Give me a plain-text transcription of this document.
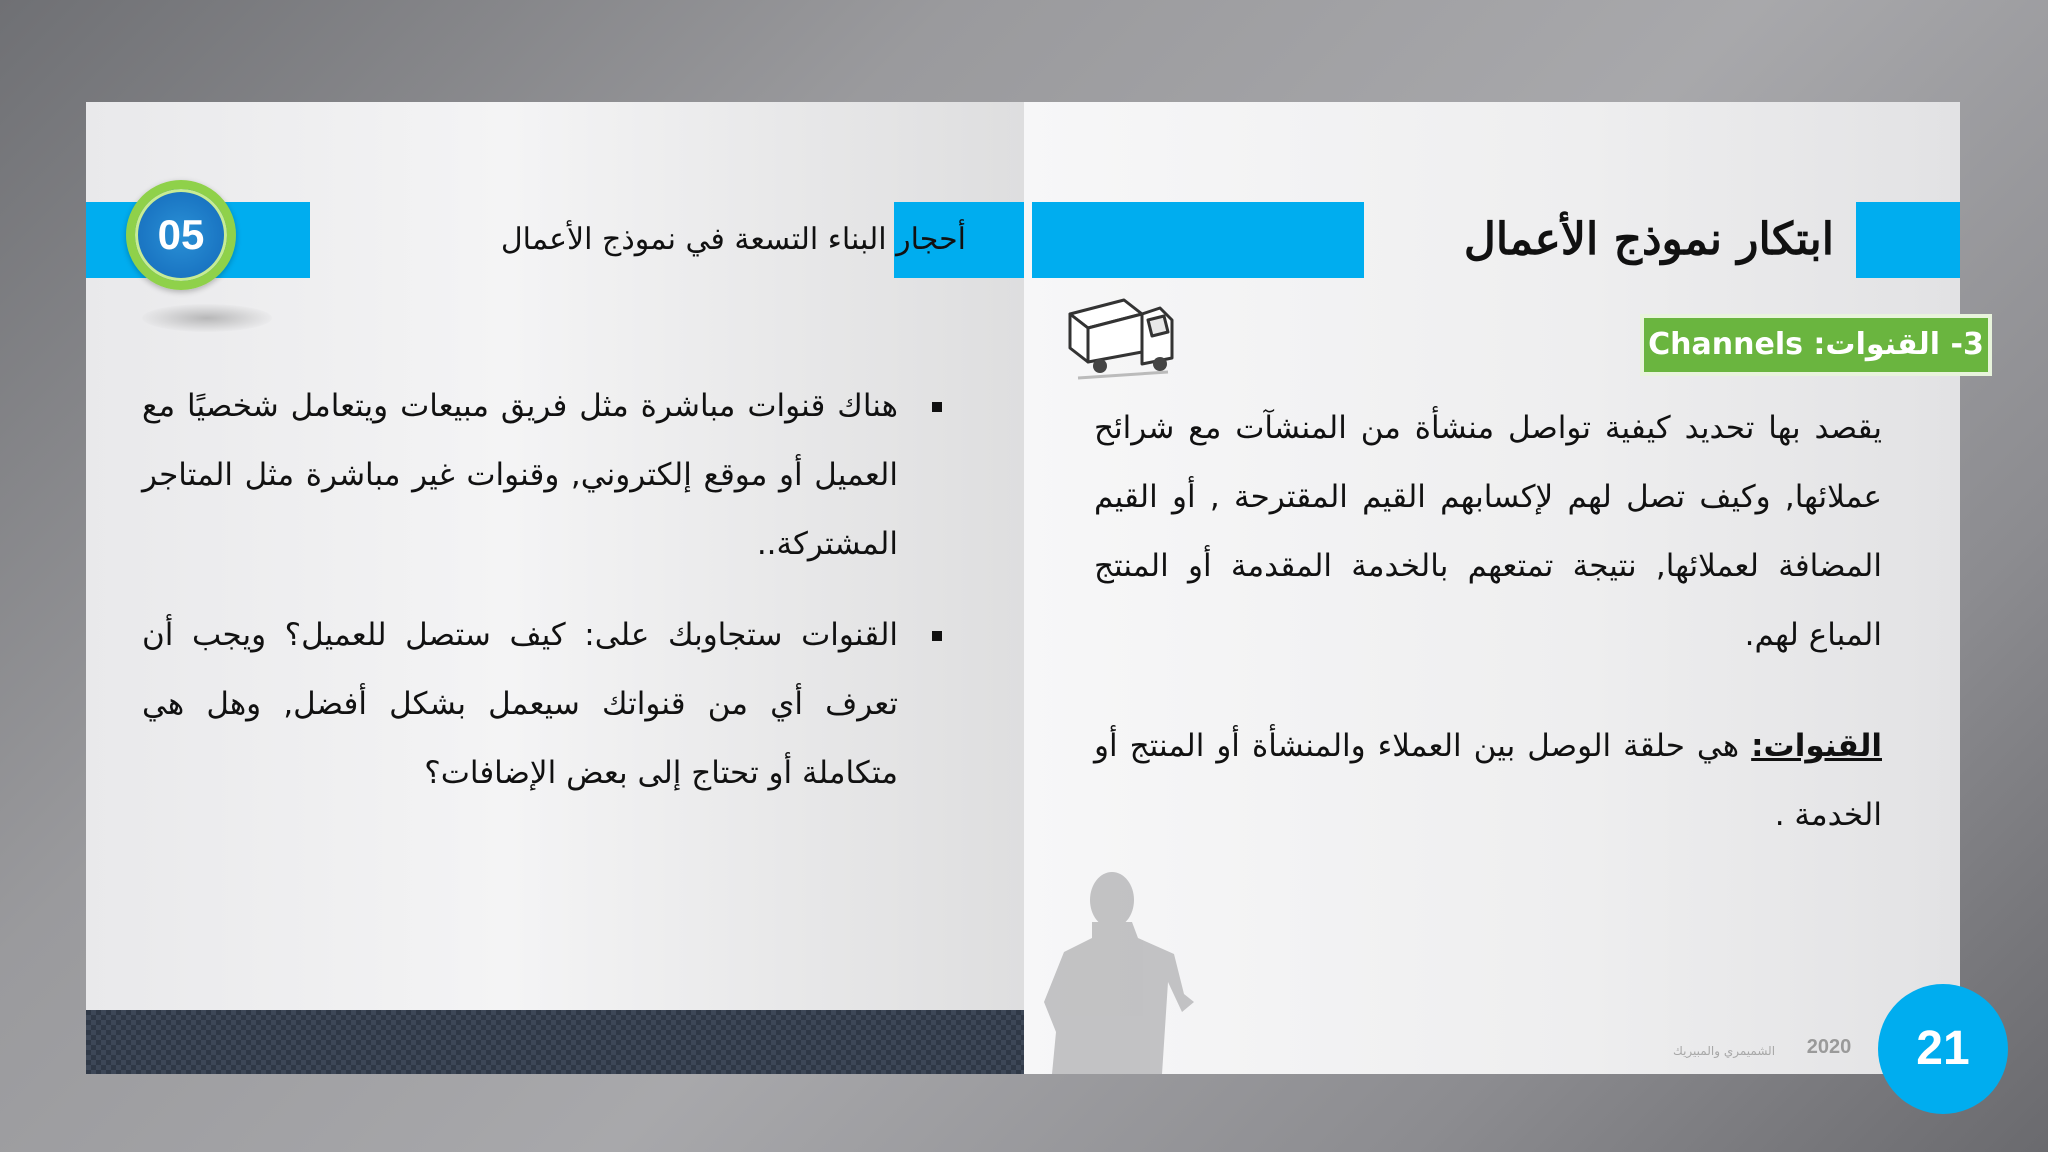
05	أحجار البناء التسعة في نموذج الأعمال
هناك قنوات مباشرة مثل فريق مبيعات ويتعامل شخصيًا مع العميل أو موقع إلكتروني, وقنوات غير مباشرة مثل المتاجر المشتركة..
القنوات ستجاوبك على: كيف ستصل للعميل؟ ويجب أن تعرف أي من قنواتك سيعمل بشكل أفضل, وهل هي متكاملة أو تحتاج إلى بعض الإضافات؟
ابتكار نموذج الأعمال
3- القنوات: Channels

يقصد بها تحديد كيفية تواصل منشأة من المنشآت مع شرائح عملائها, وكيف تصل لهم لإكسابهم القيم المقترحة , أو القيم المضافة لعملائها, نتيجة تمتعهم بالخدمة المقدمة أو المنتج المباع لهم.

القنوات: هي حلقة الوصل بين العملاء والمنشأة أو المنتج أو الخدمة .

الشميمري والمبيريك	2020	21
